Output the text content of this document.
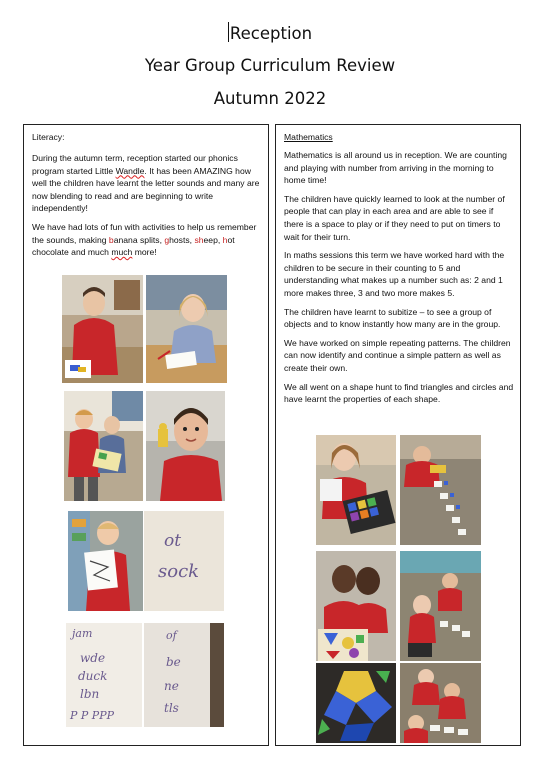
Reception
Year Group Curriculum Review
Autumn 2022
Literacy:

During the autumn term, reception started our phonics program started Little Wandle. It has been AMAZING how well the children have learnt the letter sounds and many are now blending to read and are beginning to write independently!

We have had lots of fun with activities to help us remember the sounds, making banana splits, ghosts, sheep, hot chocolate and much much more!

ot
sock
jam
wde
duck
lbn
P P PPP
of
be
ne
tls
Mathematics

Mathematics is all around us in reception. We are counting and playing with number from arriving in the morning to home time!

The children have quickly learned to look at the number of people that can play in each area and are able to see if there is a space to play or if they need to put on timers to wait for their turn.

In maths sessions this term we have worked hard with the children to be secure in their counting to 5 and understanding what makes up a number such as: 2 and 1 more makes three, 3 and two more makes 5.

The children have learnt to subitize – to see a group of objects and to know instantly how many are in the group.

We have worked on simple repeating patterns. The children can now identify and continue a simple pattern as well as create their own.

We all went on a shape hunt to find triangles and circles and have learnt the properties of each shape.
